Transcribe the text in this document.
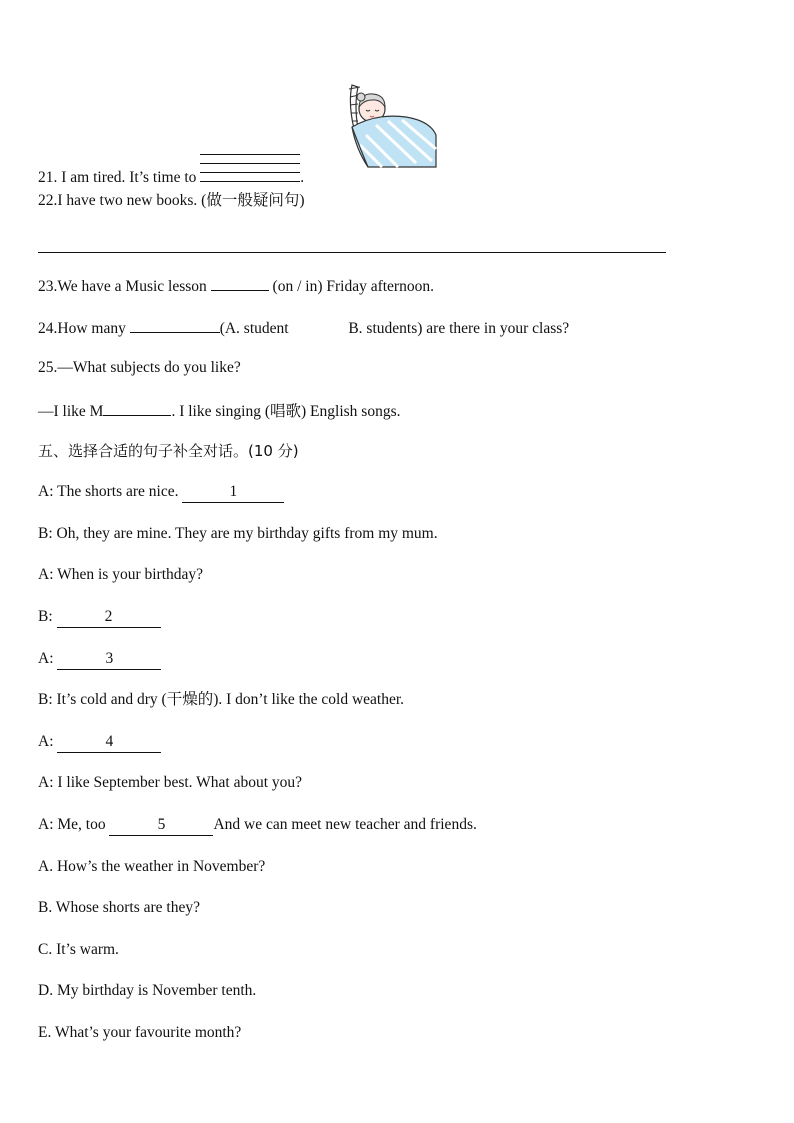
21. I am tired. It’s time to	.
22.I have two new books. (做一般疑问句)
23.We have a Music lesson	(on / in) Friday afternoon.
24.How many	(A. student	B. students) are there in your class?
25.—What subjects do you like?
—I like M	. I like singing (唱歌) English songs.
五、选择合适的句子补全对话。(10 分)
A: The shorts are nice.	1
B: Oh, they are mine. They are my birthday gifts from my mum.
A: When is your birthday?
B:	2
A:	3
B: It’s cold and dry (干燥的). I don’t like the cold weather.
A:	4
A: I like September best. What about you?
A: Me, too	5	And we can meet new teacher and friends.
A. How’s the weather in November?
B. Whose shorts are they?
C. It’s warm.
D. My birthday is November tenth.
E. What’s your favourite month?
